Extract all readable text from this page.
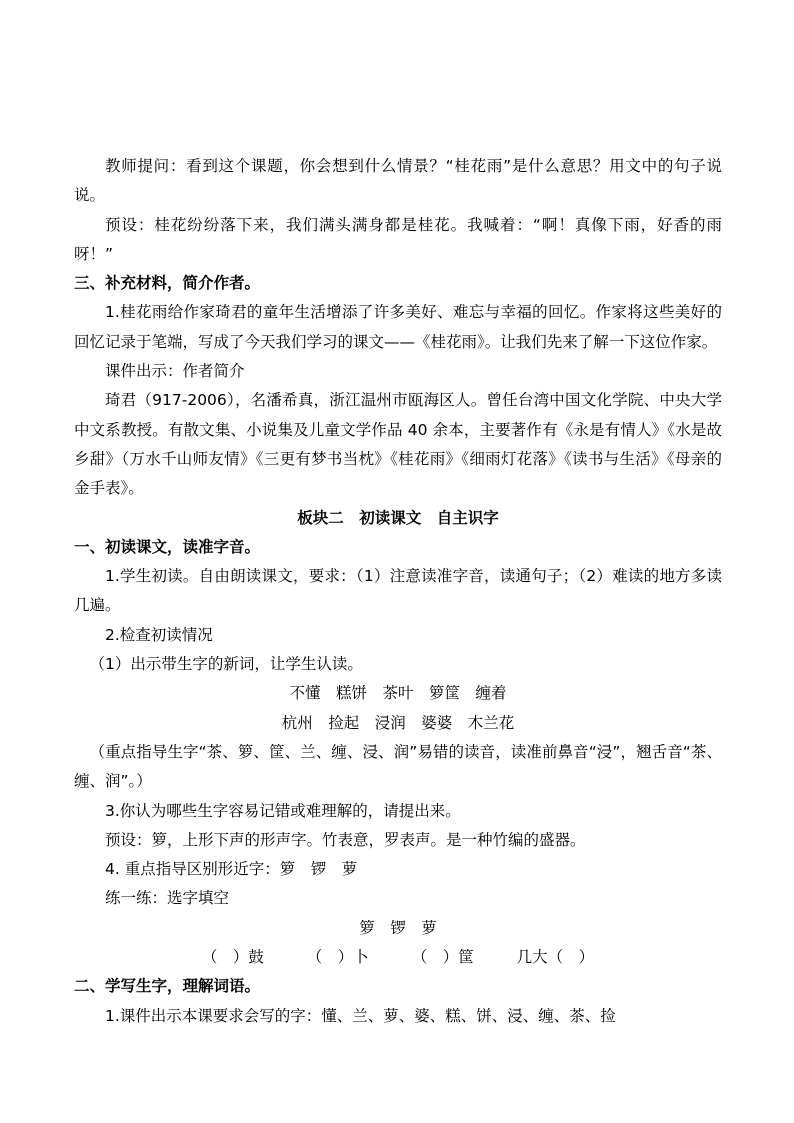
教师提问：看到这个课题，你会想到什么情景？“桂花雨”是什么意思？用文中的句子说说。

预设：桂花纷纷落下来，我们满头满身都是桂花。我喊着：“啊！真像下雨，好香的雨呀！”

三、补充材料，简介作者。

1.桂花雨给作家琦君的童年生活增添了许多美好、难忘与幸福的回忆。作家将这些美好的回忆记录于笔端，写成了今天我们学习的课文——《桂花雨》。让我们先来了解一下这位作家。

课件出示：作者简介

琦君（917-2006），名潘希真，浙江温州市瓯海区人。曾任台湾中国文化学院、中央大学中文系教授。有散文集、小说集及儿童文学作品 40 余本，主要著作有《永是有情人》《水是故乡甜》（万水千山师友情》《三更有梦书当枕》《桂花雨》《细雨灯花落》《读书与生活》《母亲的金手表》。

板块二　初读课文　自主识字

一、初读课文，读准字音。

1.学生初读。自由朗读课文，要求：（1）注意读准字音，读通句子；（2）难读的地方多读几遍。

2.检查初读情况

（1）出示带生字的新词，让学生认读。

不懂　糕饼　茶叶　箩筐　缠着

杭州　捡起　浸润　婆婆　木兰花

（重点指导生字“茶、箩、筐、兰、缠、浸、润”易错的读音，读准前鼻音“浸”，翘舌音“茶、缠、润”。）

3.你认为哪些生字容易记错或难理解的，请提出来。

预设：箩，上形下声的形声字。竹表意，罗表声。是一种竹编的盛器。

4. 重点指导区别形近字：箩　锣　萝

练一练：选字填空

箩　锣　萝

（　）鼓	（　）卜	（　）筐	几大（　）

二、学写生字，理解词语。

1.课件出示本课要求会写的字：懂、兰、萝、婆、糕、饼、浸、缠、茶、捡
